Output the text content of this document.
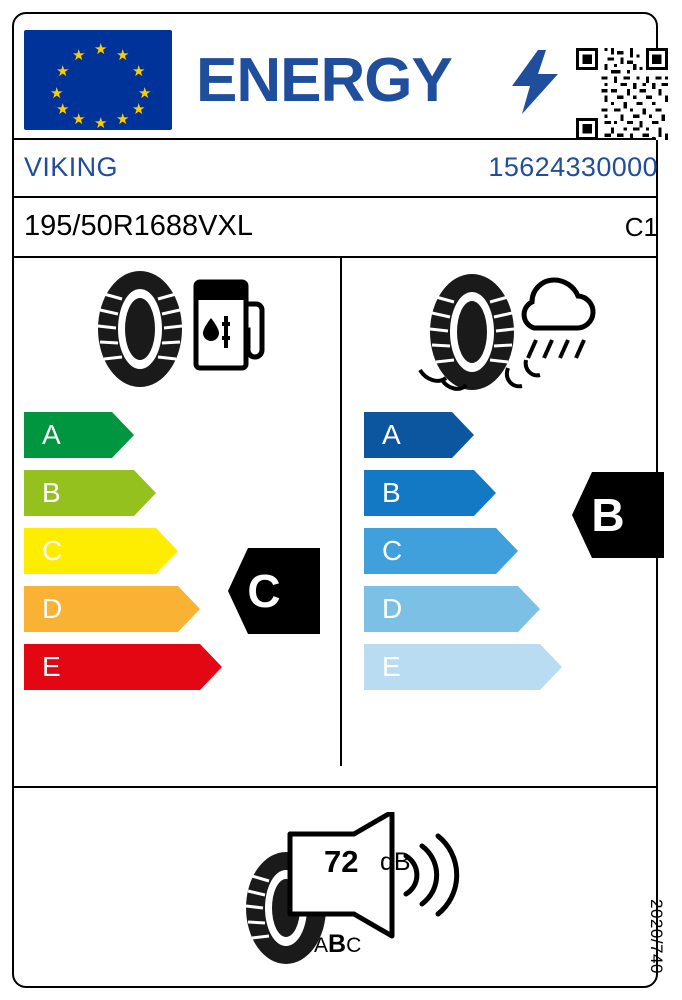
★ ★
★
★
★
★
★
★
★
★
★
★ ENERGY
VIKING	15624330000
195/50R1688VXL	C1
A
B
C
D
E
C
A
B
C
D
E
B
72 dB
ABC	2020/740
